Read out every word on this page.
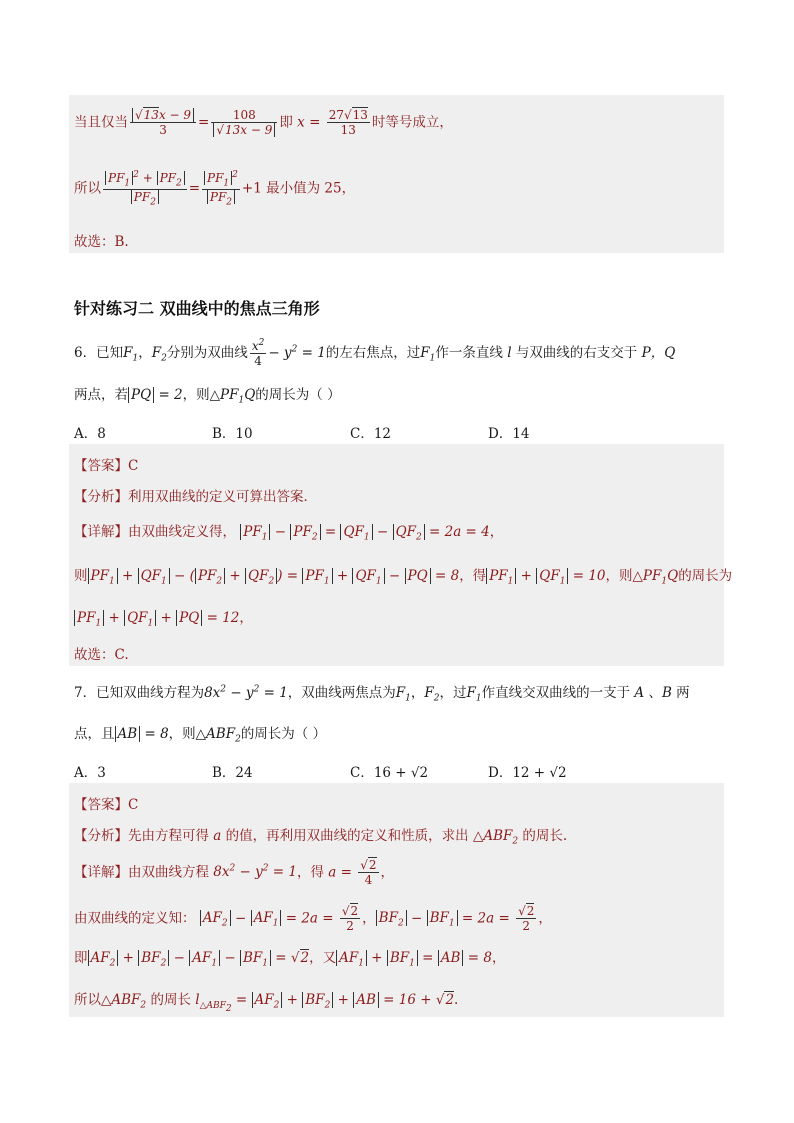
当且仅当 $\frac{√13x - 9}{3} = \frac{108}{√13x - 9}$ 即 $x = \frac{27√13}{13}$ 时等号成立，
所以 $\frac{PF_1^2 + PF_2}{PF_2} = \frac{PF_1^2}{PF_2} +1$ 最小值为 25，
故选：B.
针对练习二 双曲线中的焦点三角形
6．已知$F_1$，$F_2$分别为双曲线 $\frac{x^2}{4} - y^2 = 1$的左右焦点，过$F_1$作一条直线 l 与双曲线的右支交于 P，Q
两点，若 PQ = 2，则$\triangle PF_1Q$的周长为（ ）
A．8	B．10	C．12	D．14
【答案】C
【分析】利用双曲线的定义可算出答案．
【详解】由双曲线定义得， $PF_1 - PF_2 = QF_1 - QF_2 = 2a = 4$，
则 $PF_1 + QF_1$ − ( $PF_2 + QF_2$ ) = $PF_1 + QF_1$ − PQ = 8，得 $PF_1 + QF_1 = 10$，则$\triangle PF_1Q$的周长为
$PF_1 + QF_1$ + PQ = 12，
故选：C.
7．已知双曲线方程为$8x^2 - y^2 = 1$，双曲线两焦点为$F_1$，$F_2$，过$F_1$作直线交双曲线的一支于 A 、B 两
点，且 AB = 8，则$\triangle ABF_2$的周长为（ ）
A．3	B．24	C．16 + √2	D．12 + √2
【答案】C
【分析】先由方程可得 a 的值，再利用双曲线的定义和性质，求出 $\triangle ABF_2$ 的周长.
【详解】由双曲线方程 $8x^2 - y^2 = 1$，得 $a = \frac{√2}{4}$ ，
由双曲线的定义知： $AF_2 - AF_1 = 2a = \frac{√2}{2}$ ， $BF_2 - BF_1 = 2a = \frac{√2}{2}$ ，
即 $AF_2 + BF_2 - AF_1 - BF_1 = √2$，又 $AF_1 + BF_1$ = AB = 8，
所以$\triangle ABF_2$ 的周长 $l_{\triangle ABF_2} = AF_2 + BF_2$ + AB = 16 + √2.
